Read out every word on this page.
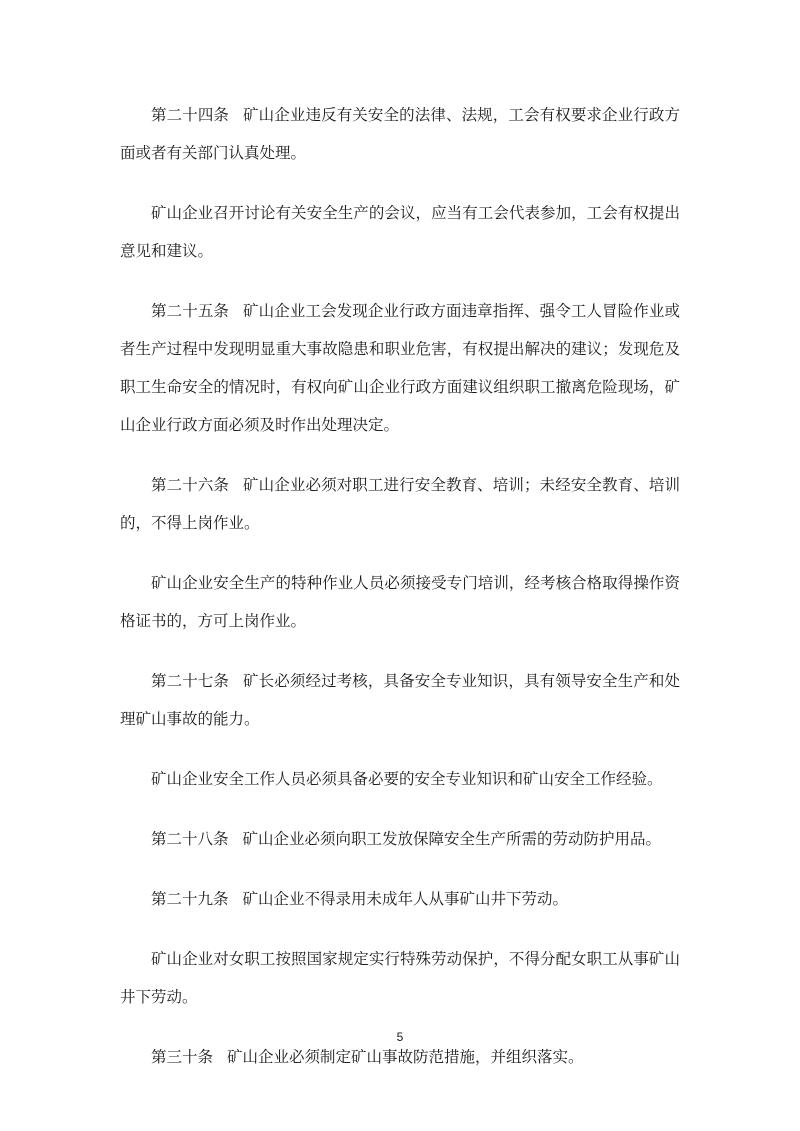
第二十四条 矿山企业违反有关安全的法律、法规，工会有权要求企业行政方面或者有关部门认真处理。

矿山企业召开讨论有关安全生产的会议，应当有工会代表参加，工会有权提出意见和建议。

第二十五条 矿山企业工会发现企业行政方面违章指挥、强令工人冒险作业或者生产过程中发现明显重大事故隐患和职业危害，有权提出解决的建议；发现危及职工生命安全的情况时，有权向矿山企业行政方面建议组织职工撤离危险现场，矿山企业行政方面必须及时作出处理决定。

第二十六条 矿山企业必须对职工进行安全教育、培训；未经安全教育、培训的，不得上岗作业。

矿山企业安全生产的特种作业人员必须接受专门培训，经考核合格取得操作资格证书的，方可上岗作业。

第二十七条 矿长必须经过考核，具备安全专业知识，具有领导安全生产和处理矿山事故的能力。

矿山企业安全工作人员必须具备必要的安全专业知识和矿山安全工作经验。

第二十八条 矿山企业必须向职工发放保障安全生产所需的劳动防护用品。

第二十九条 矿山企业不得录用未成年人从事矿山井下劳动。

矿山企业对女职工按照国家规定实行特殊劳动保护，不得分配女职工从事矿山井下劳动。

第三十条 矿山企业必须制定矿山事故防范措施，并组织落实。

5
